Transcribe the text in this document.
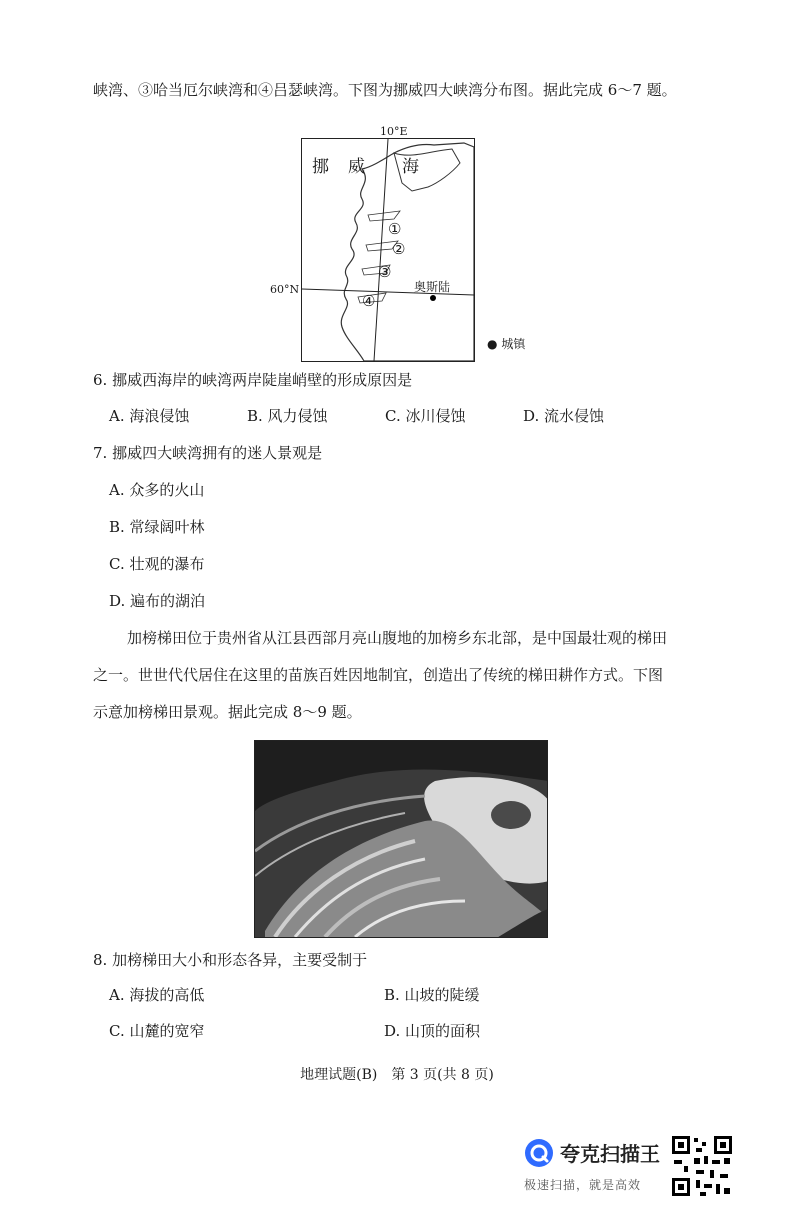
峡湾、③哈当厄尔峡湾和④吕瑟峡湾。下图为挪威四大峡湾分布图。据此完成 6～7 题。
挪 威 海
①
②
③
奥斯陆
④
10°E
60°N
● 城镇
6. 挪威西海岸的峡湾两岸陡崖峭壁的形成原因是
A. 海浪侵蚀	B. 风力侵蚀	C. 冰川侵蚀	D. 流水侵蚀
7. 挪威四大峡湾拥有的迷人景观是
A. 众多的火山
B. 常绿阔叶林
C. 壮观的瀑布
D. 遍布的湖泊
加榜梯田位于贵州省从江县西部月亮山腹地的加榜乡东北部，是中国最壮观的梯田
之一。世世代代居住在这里的苗族百姓因地制宜，创造出了传统的梯田耕作方式。下图
示意加榜梯田景观。据此完成 8～9 题。
8. 加榜梯田大小和形态各异，主要受制于
A. 海拔的高低	B. 山坡的陡缓
C. 山麓的宽窄	D. 山顶的面积
地理试题(B)　第 3 页(共 8 页)
夸克扫描王
极速扫描，就是高效
